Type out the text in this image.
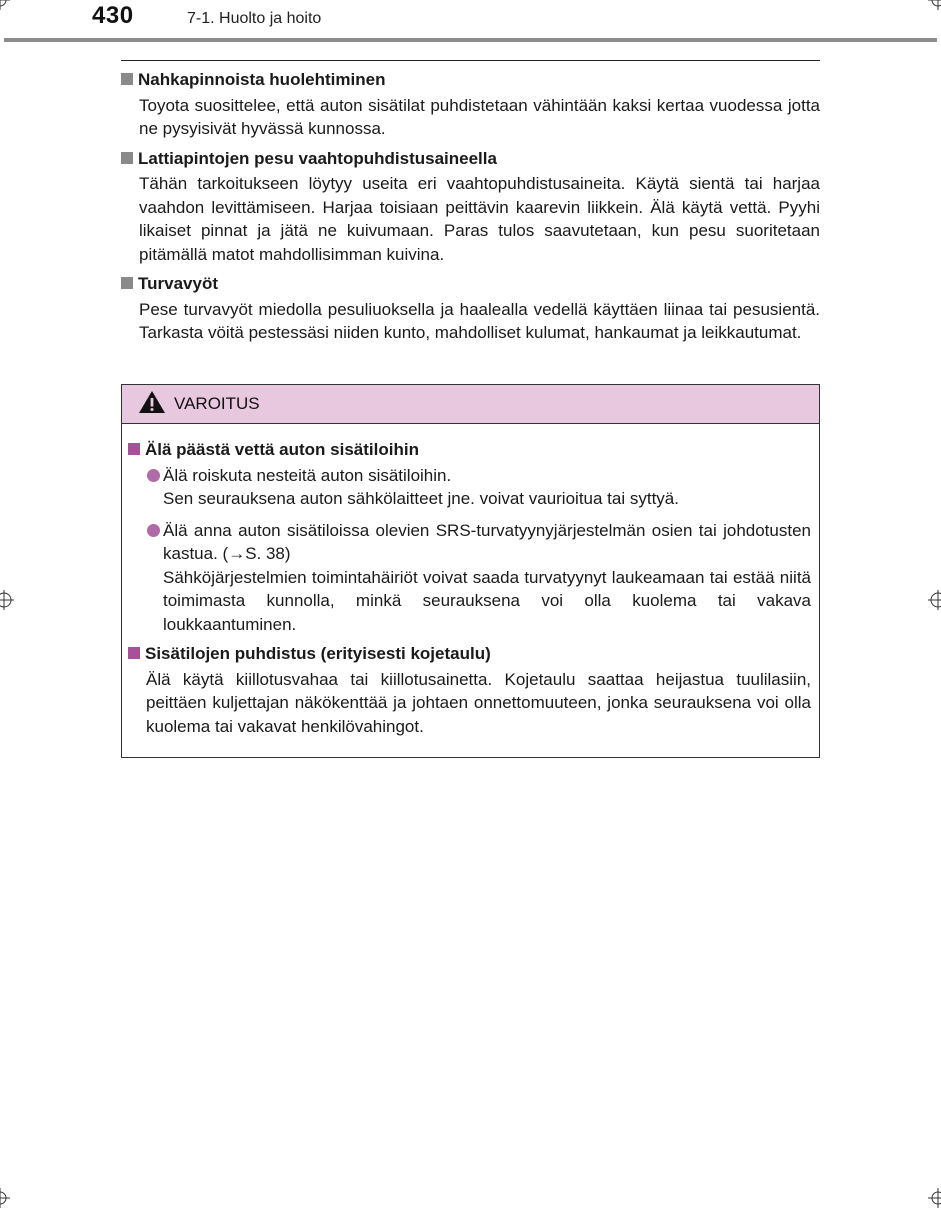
430	7-1. Huolto ja hoito
Nahkapinnoista huolehtiminen
Toyota suosittelee, että auton sisätilat puhdistetaan vähintään kaksi kertaa vuodessa jotta ne pysyisivät hyvässä kunnossa.
Lattiapintojen pesu vaahtopuhdistusaineella
Tähän tarkoitukseen löytyy useita eri vaahtopuhdistusaineita. Käytä sientä tai harjaa vaahdon levittämiseen. Harjaa toisiaan peittävin kaarevin liikkein. Älä käytä vettä. Pyyhi likaiset pinnat ja jätä ne kuivumaan. Paras tulos saavutetaan, kun pesu suoritetaan pitämällä matot mahdollisimman kuivina.
Turvavyöt
Pese turvavyöt miedolla pesuliuoksella ja haalealla vedellä käyttäen liinaa tai pesusientä. Tarkasta vöitä pestessäsi niiden kunto, mahdolliset kulumat, hankaumat ja leikkautumat.
VAROITUS
Älä päästä vettä auton sisätiloihin

Älä roiskuta nesteitä auton sisätiloihin.

Sen seurauksena auton sähkölaitteet jne. voivat vaurioitua tai syttyä.

Älä anna auton sisätiloissa olevien SRS-turvatyynyjärjestelmän osien tai johdotusten kastua. (→S. 38)

Sähköjärjestelmien toimintahäiriöt voivat saada turvatyynyt laukeamaan tai estää niitä toimimasta kunnolla, minkä seurauksena voi olla kuolema tai vakava loukkaantuminen.

Sisätilojen puhdistus (erityisesti kojetaulu)
Älä käytä kiillotusvahaa tai kiillotusainetta. Kojetaulu saattaa heijastua tuulilasiin, peittäen kuljettajan näkökenttää ja johtaen onnettomuuteen, jonka seurauksena voi olla kuolema tai vakavat henkilövahingot.
